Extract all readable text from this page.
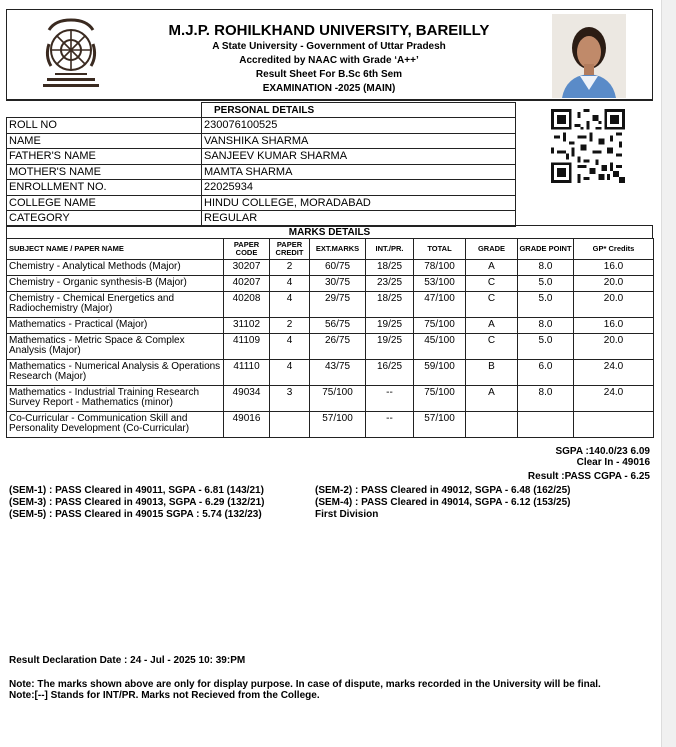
M.J.P. ROHILKHAND UNIVERSITY, BAREILLY
A State University - Government of Uttar Pradesh
Accredited by NAAC with Grade ‘A++’
Result Sheet For B.Sc 6th Sem
EXAMINATION -2025 (MAIN)
	PERSONAL DETAILS
ROLL NO	230076100525
NAME	VANSHIKA SHARMA
FATHER'S NAME	SANJEEV KUMAR SHARMA
MOTHER'S NAME	MAMTA SHARMA
ENROLLMENT NO.	22025934
COLLEGE NAME	HINDU COLLEGE, MORADABAD
CATEGORY	REGULAR
MARKS DETAILS
SUBJECT NAME / PAPER NAME	PAPER CODE	PAPER CREDIT	EXT.MARKS	INT./PR.	TOTAL	GRADE	GRADE POINT	GP* Credits
Chemistry - Analytical Methods (Major)	30207	2	60/75	18/25	78/100	A	8.0	16.0
Chemistry - Organic synthesis-B (Major)	40207	4	30/75	23/25	53/100	C	5.0	20.0
Chemistry - Chemical Energetics and Radiochemistry (Major)	40208	4	29/75	18/25	47/100	C	5.0	20.0
Mathematics - Practical (Major)	31102	2	56/75	19/25	75/100	A	8.0	16.0
Mathematics - Metric Space & Complex Analysis (Major)	41109	4	26/75	19/25	45/100	C	5.0	20.0
Mathematics - Numerical Analysis & Operations Research (Major)	41110	4	43/75	16/25	59/100	B	6.0	24.0
Mathematics - Industrial Training Research Survey Report - Mathematics (minor)	49034	3	75/100	--	75/100	A	8.0	24.0
Co-Curricular - Communication Skill and Personality Development (Co-Curricular)	49016		57/100	--	57/100			
SGPA :140.0/23 6.09
Clear In - 49016
Result :PASS CGPA - 6.25
(SEM-1) : PASS Cleared in 49011, SGPA - 6.81 (143/21)
(SEM-3) : PASS Cleared in 49013, SGPA - 6.29 (132/21)
(SEM-5) : PASS Cleared in 49015 SGPA : 5.74 (132/23)
(SEM-2) : PASS Cleared in 49012, SGPA - 6.48 (162/25)
(SEM-4) : PASS Cleared in 49014, SGPA - 6.12 (153/25)
First Division
Result Declaration Date : 24 - Jul - 2025 10: 39:PM
Note: The marks shown above are only for display purpose. In case of dispute, marks recorded in the University will be final.
Note:[--] Stands for INT/PR. Marks not Recieved from the College.
